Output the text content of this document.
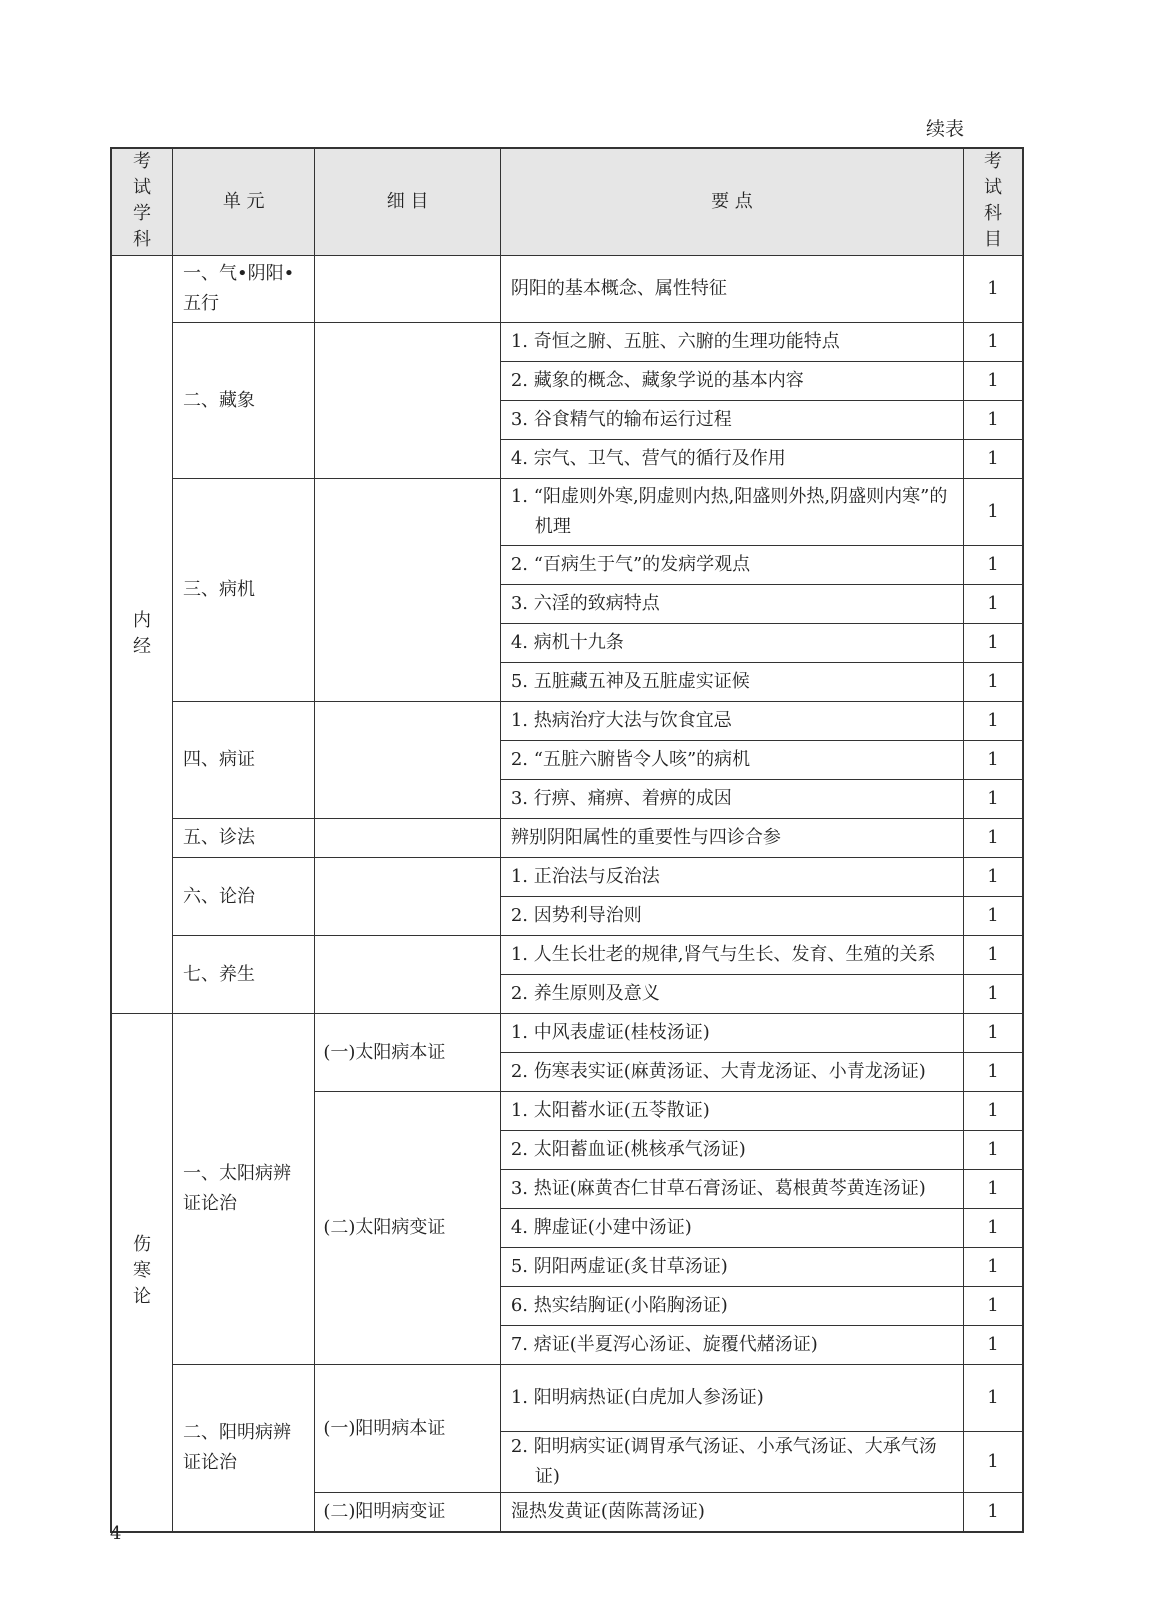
续表
考试学科	单 元	细 目	要 点	考试科目
内经	一、气•阴阳•五行		阴阳的基本概念、属性特征	1
	二、藏象		1. 奇恒之腑、五脏、六腑的生理功能特点	1

			2. 藏象的概念、藏象学说的基本内容	1

			3. 谷食精气的输布运行过程	1

			4. 宗气、卫气、营气的循行及作用	1
	三、病机		1. “阳虚则外寒,阴虚则内热,阳盛则外热,阴盛则内寒”的机理	1

			2. “百病生于气”的发病学观点	1

			3. 六淫的致病特点	1

			4. 病机十九条	1

			5. 五脏藏五神及五脏虚实证候	1
	四、病证		1. 热病治疗大法与饮食宜忌	1

			2. “五脏六腑皆令人咳”的病机	1

			3. 行痹、痛痹、着痹的成因	1
	五、诊法		辨别阴阳属性的重要性与四诊合参	1
	六、论治		1. 正治法与反治法	1

			2. 因势利导治则	1
	七、养生		1. 人生长壮老的规律,肾气与生长、发育、生殖的关系	1

			2. 养生原则及意义	1
伤寒论	一、太阳病辨证论治	(一)太阳病本证	1. 中风表虚证(桂枝汤证)	1

			2. 伤寒表实证(麻黄汤证、大青龙汤证、小青龙汤证)	1
		(二)太阳病变证	1. 太阳蓄水证(五苓散证)	1

			2. 太阳蓄血证(桃核承气汤证)	1

			3. 热证(麻黄杏仁甘草石膏汤证、葛根黄芩黄连汤证)	1

			4. 脾虚证(小建中汤证)	1

			5. 阴阳两虚证(炙甘草汤证)	1

			6. 热实结胸证(小陷胸汤证)	1

			7. 痞证(半夏泻心汤证、旋覆代赭汤证)	1
	二、阳明病辨证论治	(一)阳明病本证	1. 阳明病热证(白虎加人参汤证)	1

			2. 阳明病实证(调胃承气汤证、小承气汤证、大承气汤证)	1
		(二)阳明病变证	湿热发黄证(茵陈蒿汤证)	1
4
